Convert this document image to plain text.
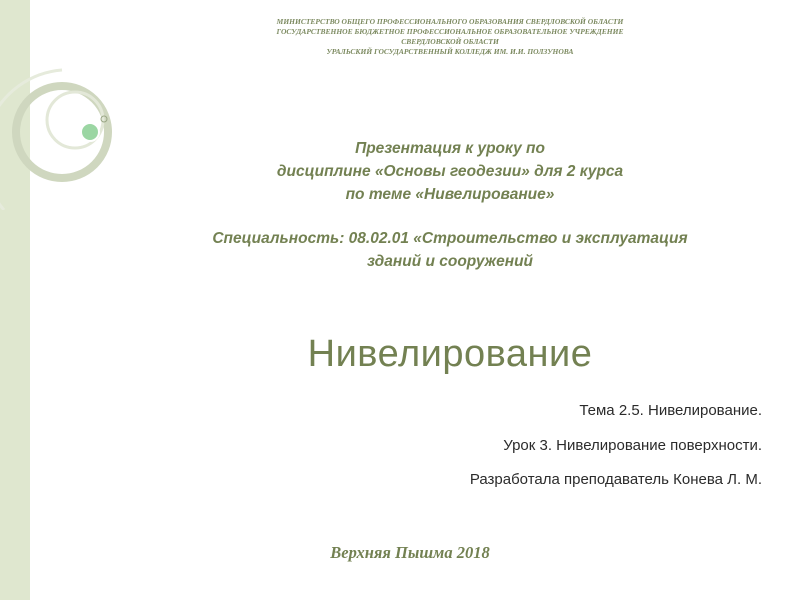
МИНИСТЕРСТВО ОБЩЕГО ПРОФЕССИОНАЛЬНОГО ОБРАЗОВАНИЯ СВЕРДЛОВСКОЙ ОБЛАСТИ
ГОСУДАРСТВЕННОЕ БЮДЖЕТНОЕ ПРОФЕССИОНАЛЬНОЕ ОБРАЗОВАТЕЛЬНОЕ УЧРЕЖДЕНИЕ
СВЕРДЛОВСКОЙ ОБЛАСТИ
УРАЛЬСКИЙ ГОСУДАРСТВЕННЫЙ КОЛЛЕДЖ ИМ. И.И. ПОЛЗУНОВА
Презентация к уроку по
дисциплине «Основы геодезии» для 2 курса
по теме «Нивелирование»
Специальность: 08.02.01 «Строительство и эксплуатация
зданий и сооружений
Нивелирование
Тема 2.5. Нивелирование.
Урок 3. Нивелирование поверхности.
Разработала преподаватель Конева Л. М.
Верхняя Пышма 2018
